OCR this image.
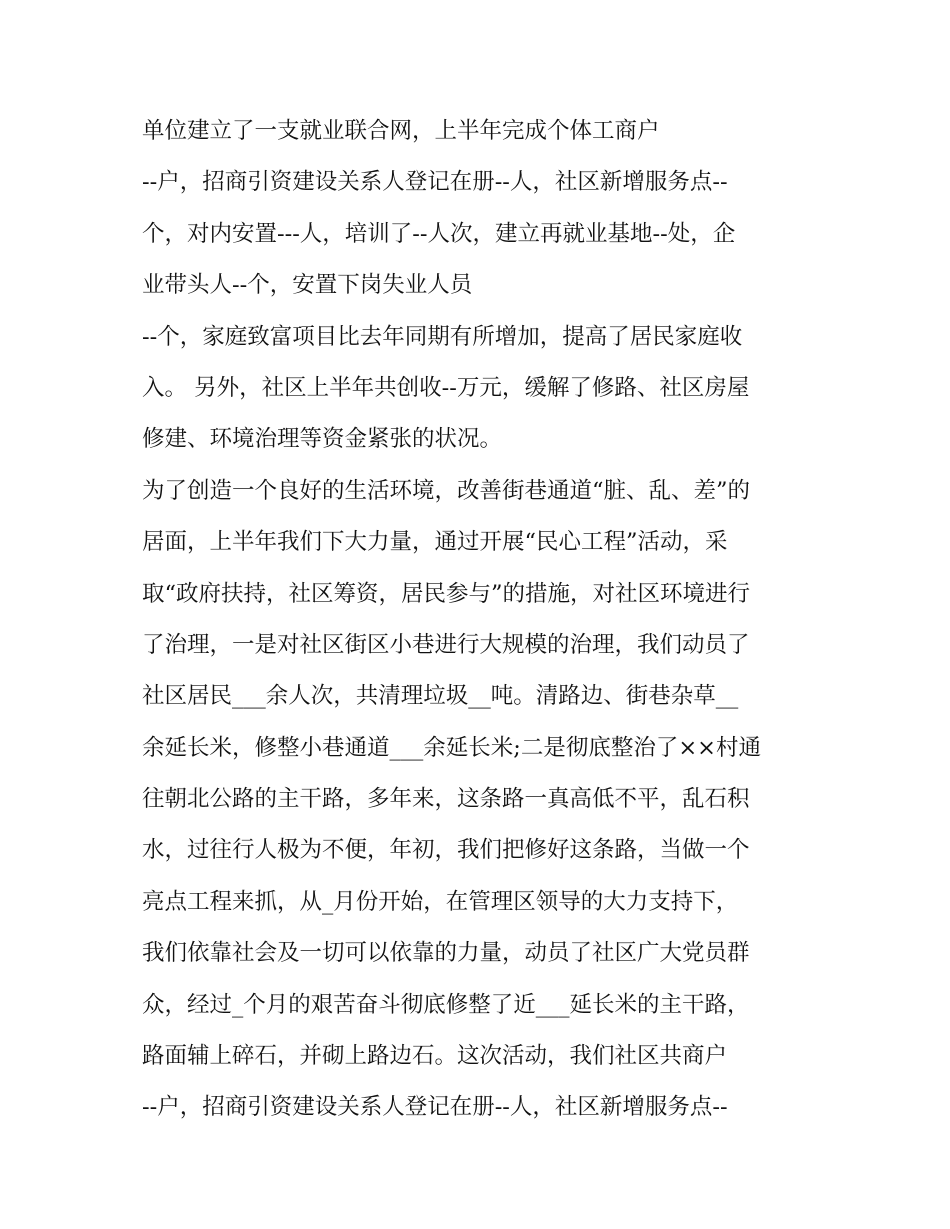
单位建立了一支就业联合网，上半年完成个体工商户
--户，招商引资建设关系人登记在册--人，社区新增服务点--
个，对内安置---人，培训了--人次，建立再就业基地--处，企
业带头人--个，安置下岗失业人员
--个，家庭致富项目比去年同期有所增加，提高了居民家庭收
入。 另外，社区上半年共创收--万元，缓解了修路、社区房屋
修建、环境治理等资金紧张的状况。
为了创造一个良好的生活环境，改善街巷通道“脏、乱、差”的
居面，上半年我们下大力量，通过开展“民心工程”活动，采
取“政府扶持，社区筹资，居民参与”的措施，对社区环境进行
了治理，一是对社区街区小巷进行大规模的治理，我们动员了
社区居民___余人次，共清理垃圾__吨。清路边、街巷杂草__
余延长米，修整小巷通道___余延长米;二是彻底整治了××村通
往朝北公路的主干路，多年来，这条路一真高低不平，乱石积
水，过往行人极为不便，年初，我们把修好这条路，当做一个
亮点工程来抓，从_月份开始，在管理区领导的大力支持下，
我们依靠社会及一切可以依靠的力量，动员了社区广大党员群
众，经过_个月的艰苦奋斗彻底修整了近___延长米的主干路，
路面辅上碎石，并砌上路边石。这次活动，我们社区共商户
--户，招商引资建设关系人登记在册--人，社区新增服务点--
